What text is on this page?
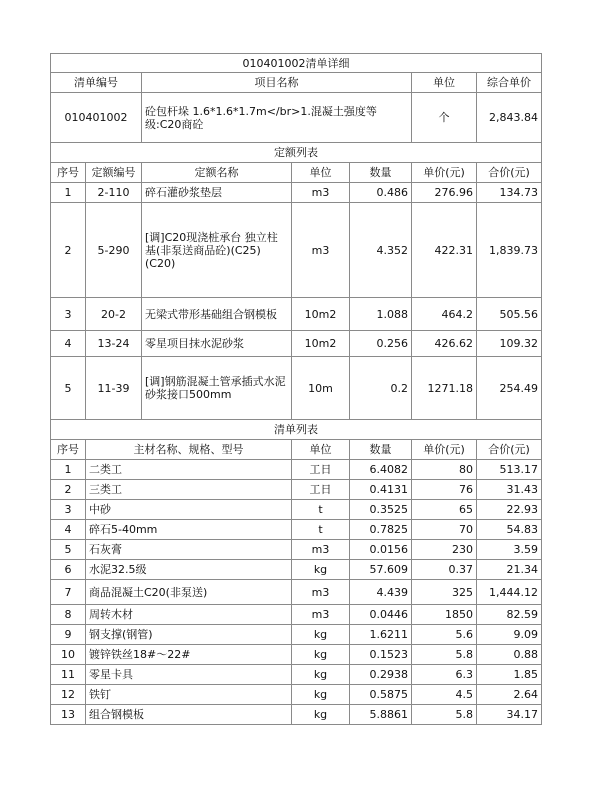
010401002清单详细						
清单编号		项目名称			单位	综合单价
010401002		砼包杆垛 1.6*1.6*1.7m</br>1.混凝土强度等级:C20商砼			个	2,843.84
定额列表						
序号	定额编号	定额名称	单位	数量	单价(元)	合价(元)
1	2-110	碎石灌砂浆垫层	m3	0.486	276.96	134.73
2	5-290	[调]C20现浇桩承台 独立柱基(非泵送商品砼)(C25)(C20)	m3	4.352	422.31	1,839.73
3	20-2	无梁式带形基础组合钢模板	10m2	1.088	464.2	505.56
4	13-24	零星项目抹水泥砂浆	10m2	0.256	426.62	109.32
5	11-39	[调]钢筋混凝土管承插式水泥砂浆接口500mm	10m	0.2	1271.18	254.49
清单列表						
序号	主材名称、规格、型号		单位	数量	单价(元)	合价(元)
1	二类工		工日	6.4082	80	513.17
2	三类工		工日	0.4131	76	31.43
3	中砂		t	0.3525	65	22.93
4	碎石5-40mm		t	0.7825	70	54.83
5	石灰膏		m3	0.0156	230	3.59
6	水泥32.5级		kg	57.609	0.37	21.34
7	商品混凝土C20(非泵送)		m3	4.439	325	1,444.12
8	周转木材		m3	0.0446	1850	82.59
9	钢支撑(钢管)		kg	1.6211	5.6	9.09
10	镀锌铁丝18#～22#		kg	0.1523	5.8	0.88
11	零星卡具		kg	0.2938	6.3	1.85
12	铁钉		kg	0.5875	4.5	2.64
13	组合钢模板		kg	5.8861	5.8	34.17
